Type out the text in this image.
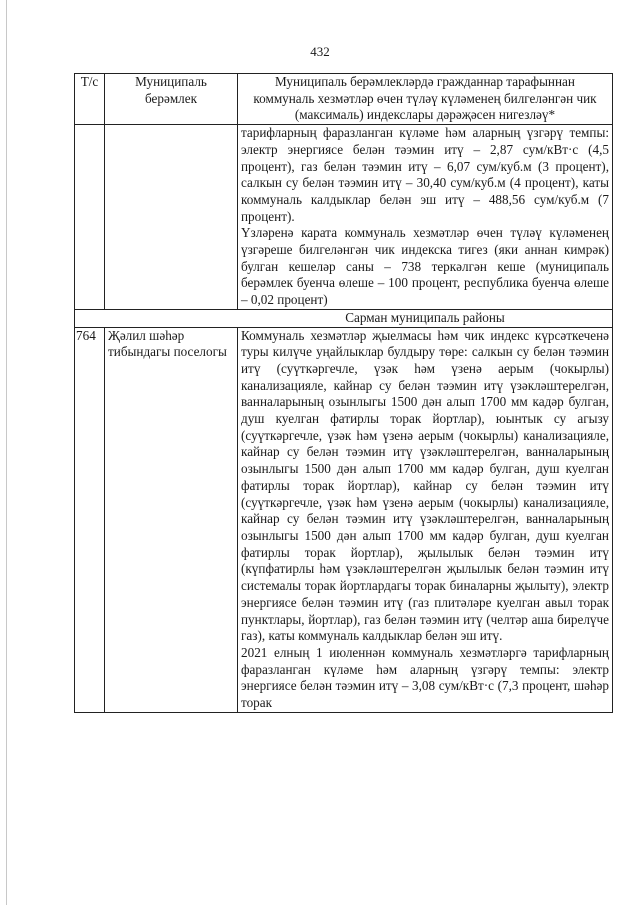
432
Т/с	Муниципаль берәмлек	Муниципаль берәмлекләрдә гражданнар тарафыннан коммуналь хезмәтләр өчен түләү күләменең билгеләнгән чик (максималь) индекслары дәрәҗәсен нигезләү*

		тарифларның фаразланган күләме һәм аларның үзгәрү темпы: электр энергиясе белән тәэмин итү – 2,87 сум/кВт·с (4,5 процент), газ белән тәэмин итү – 6,07 сум/куб.м (3 процент), салкын су белән тәэмин итү – 30,40 сум/куб.м (4 процент), каты коммуналь калдыклар белән эш итү – 488,56 сум/куб.м (7 процент).

Үзләренә карата коммуналь хезмәтләр өчен түләү күләменең үзгәреше билгеләнгән чик индекска тигез (яки аннан кимрәк) булган кешеләр саны – 738 теркәлгән кеше (муниципаль берәмлек буенча өлеше – 100 процент, республика буенча өлеше – 0,02 процент)

Сарман муниципаль районы		
764	Җәлил шәһәр тибындагы поселогы	Коммуналь хезмәтләр җыелмасы һәм чик индекс күрсәткеченә туры килүче уңайлыклар булдыру төре: салкын су белән тәэмин итү (суүткәргечле, үзәк һәм үзенә аерым (чокырлы) канализацияле, кайнар су белән тәэмин итү үзәкләштерелгән, ванналарының озынлыгы 1500 дән алып 1700 мм кадәр булган, душ куелган фатирлы торак йортлар), юынтык су агызу (суүткәргечле, үзәк һәм үзенә аерым (чокырлы) канализацияле, кайнар су белән тәэмин итү үзәкләштерелгән, ванналарының озынлыгы 1500 дән алып 1700 мм кадәр булган, душ куелган фатирлы торак йортлар), кайнар су белән тәэмин итү (суүткәргечле, үзәк һәм үзенә аерым (чокырлы) канализацияле, кайнар су белән тәэмин итү үзәкләштерелгән, ванналарының озынлыгы 1500 дән алып 1700 мм кадәр булган, душ куелган фатирлы торак йортлар), җылылык белән тәэмин итү (күпфатирлы һәм үзәкләштерелгән җылылык белән тәэмин итү системалы торак йортлардагы торак биналарны җылыту), электр энергиясе белән тәэмин итү (газ плитәләре куелган авыл торак пунктлары, йортлар), газ белән тәэмин итү (челтәр аша бирелүче газ), каты коммуналь калдыклар белән эш итү.

2021 елның 1 июленнән коммуналь хезмәтләргә тарифларның фаразланган күләме һәм аларның үзгәрү темпы: электр энергиясе белән тәэмин итү – 3,08 сум/кВт·с (7,3 процент, шәһәр торак
